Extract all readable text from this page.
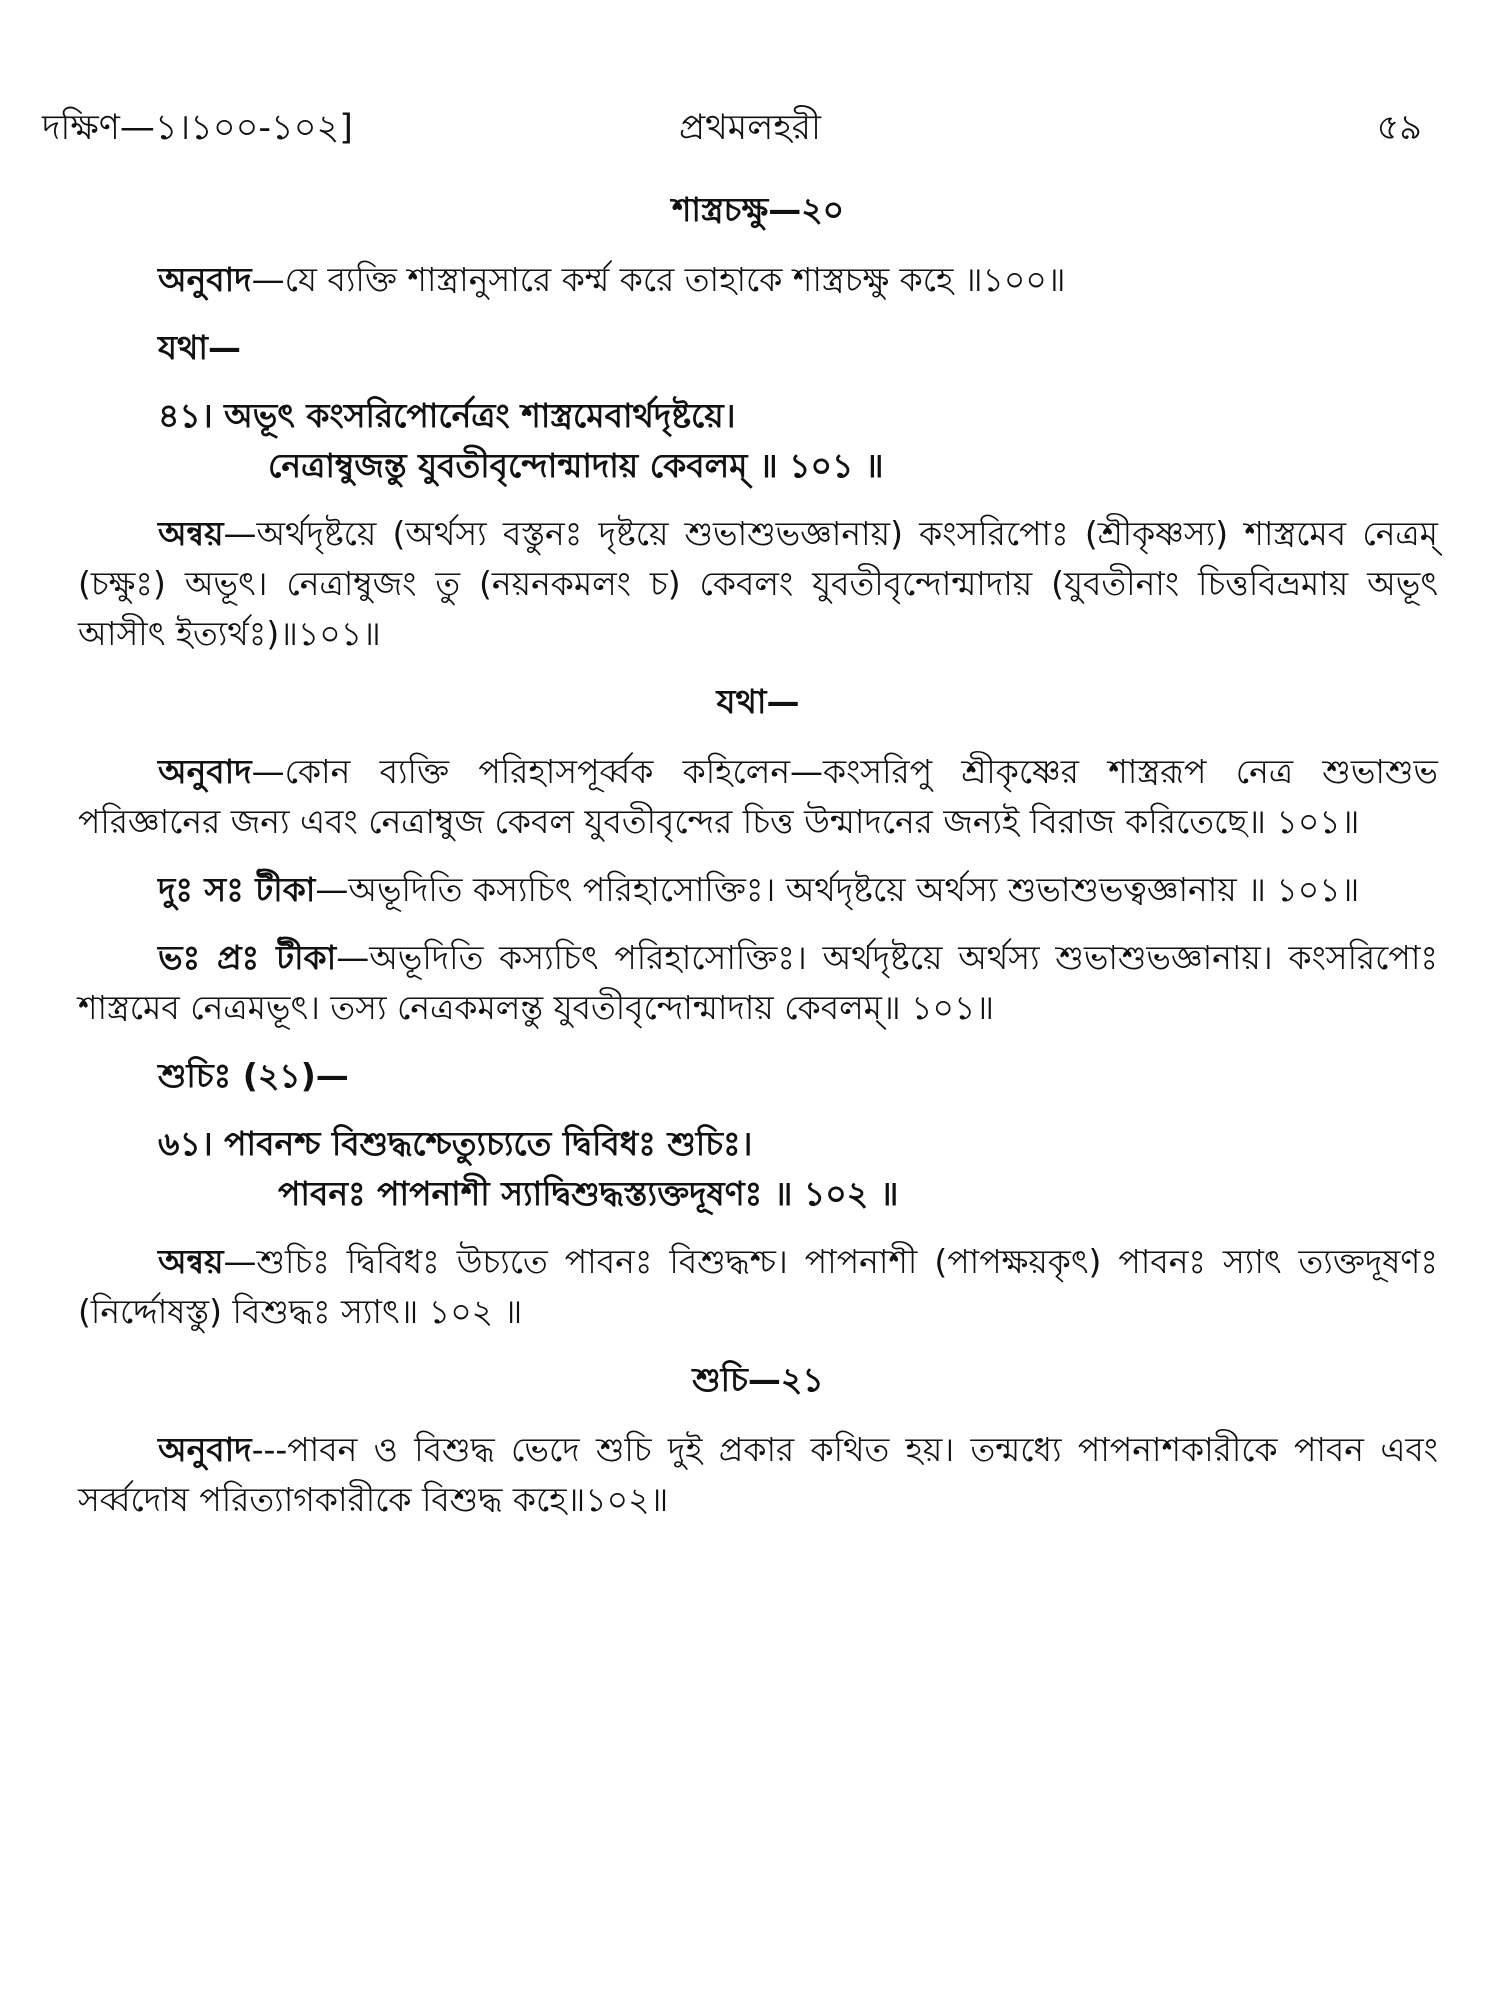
দক্ষিণ—১।১০০-১০২]	প্রথমলহরী	৫৯

শাস্ত্রচক্ষু—২০

অনুবাদ—যে ব্যক্তি শাস্ত্রানুসারে কর্ম্ম করে তাহাকে শাস্ত্রচক্ষু কহে ॥১০০॥

যথা—

৪১। অভূৎ কংসরিপোর্নেত্রং শাস্ত্রমেবার্থদৃষ্টয়ে।

নেত্রাম্বুজন্তু যুবতীবৃন্দোন্মাদায় কেবলম্ ॥ ১০১ ॥

অন্বয়—অর্থদৃষ্টয়ে (অর্থস্য বস্তুনঃ দৃষ্টয়ে শুভাশুভজ্ঞানায়) কংসরিপোঃ (শ্রীকৃষ্ণস্য) শাস্ত্রমেব নেত্রম্ (চক্ষুঃ) অভূৎ। নেত্রাম্বুজং তু (নয়নকমলং চ) কেবলং যুবতীবৃন্দোন্মাদায় (যুবতীনাং চিত্তবিভ্রমায় অভূৎ আসীৎ ইত্যর্থঃ)॥১০১॥

যথা—

অনুবাদ—কোন ব্যক্তি পরিহাসপূর্ব্বক কহিলেন—কংসরিপু শ্রীকৃষ্ণের শাস্ত্ররূপ নেত্র শুভাশুভ পরিজ্ঞানের জন্য এবং নেত্রাম্বুজ কেবল যুবতীবৃন্দের চিত্ত উন্মাদনের জন্যই বিরাজ করিতেছে॥ ১০১॥

দুঃ সঃ টীকা—অভূদিতি কস্যচিৎ পরিহাসোক্তিঃ। অর্থদৃষ্টয়ে অর্থস্য শুভাশুভত্বজ্ঞানায় ॥ ১০১॥

ভঃ প্রঃ টীকা—অভূদিতি কস্যচিৎ পরিহাসোক্তিঃ। অর্থদৃষ্টয়ে অর্থস্য শুভাশুভজ্ঞানায়। কংসরিপোঃ শাস্ত্রমেব নেত্রমভূৎ। তস্য নেত্রকমলন্তু যুবতীবৃন্দোন্মাদায় কেবলম্॥ ১০১॥

শুচিঃ (২১)—

৬১। পাবনশ্চ বিশুদ্ধশ্চেত্যুচ্যতে দ্বিবিধঃ শুচিঃ।

পাবনঃ পাপনাশী স্যাদ্বিশুদ্ধস্ত্যক্তদূষণঃ ॥ ১০২ ॥

অন্বয়—শুচিঃ দ্বিবিধঃ উচ্যতে পাবনঃ বিশুদ্ধশ্চ। পাপনাশী (পাপক্ষয়কৃৎ) পাবনঃ স্যাৎ ত্যক্তদূষণঃ (নির্দ্দোষস্তু) বিশুদ্ধঃ স্যাৎ॥ ১০২ ॥

শুচি—২১

অনুবাদ---পাবন ও বিশুদ্ধ ভেদে শুচি দুই প্রকার কথিত হয়। তন্মধ্যে পাপনাশকারীকে পাবন এবং সর্ব্বদোষ পরিত্যাগকারীকে বিশুদ্ধ কহে॥১০২॥
